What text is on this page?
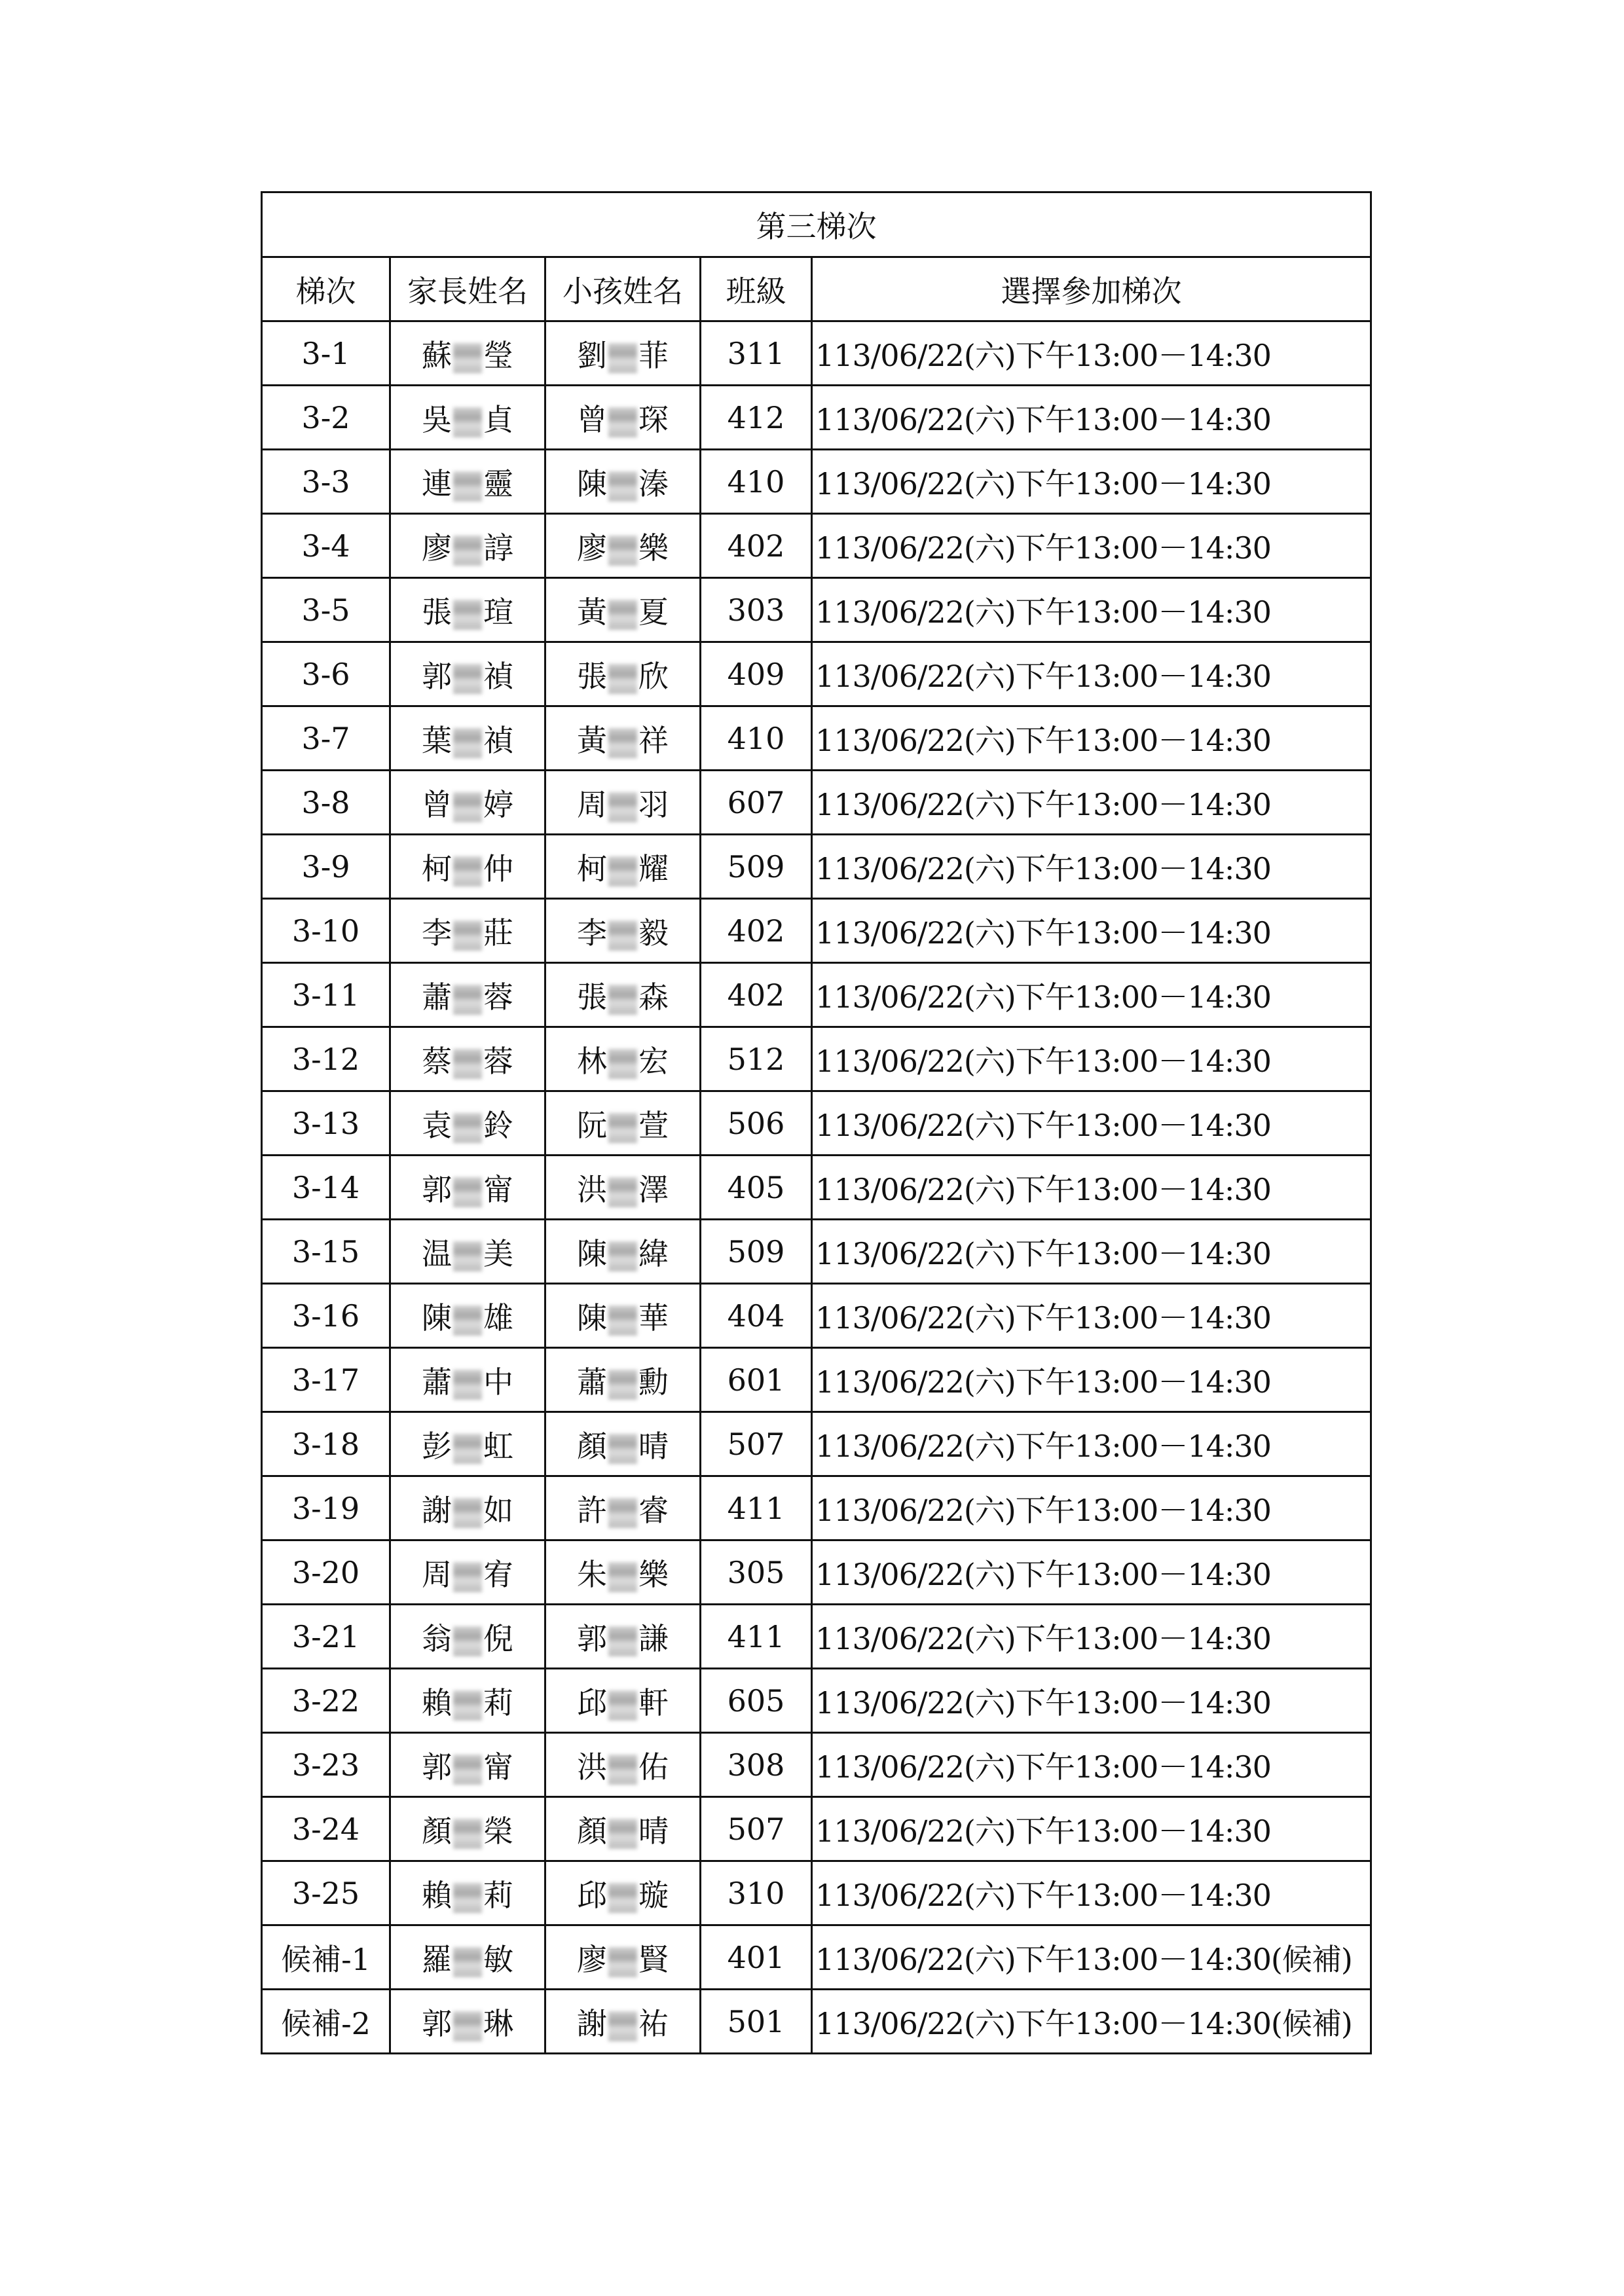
第三梯次				
梯次	家長姓名	小孩姓名	班級	選擇參加梯次
3-1	蘇 瑩	劉 菲	311	113/06/22(六)下午13:00－14:30
3-2	吳 貞	曾 琛	412	113/06/22(六)下午13:00－14:30
3-3	連 靈	陳 溱	410	113/06/22(六)下午13:00－14:30
3-4	廖 諄	廖 樂	402	113/06/22(六)下午13:00－14:30
3-5	張 瑄	黃 夏	303	113/06/22(六)下午13:00－14:30
3-6	郭 禎	張 欣	409	113/06/22(六)下午13:00－14:30
3-7	葉 禎	黃 祥	410	113/06/22(六)下午13:00－14:30
3-8	曾 婷	周 羽	607	113/06/22(六)下午13:00－14:30
3-9	柯 仲	柯 耀	509	113/06/22(六)下午13:00－14:30
3-10	李 莊	李 毅	402	113/06/22(六)下午13:00－14:30
3-11	蕭 蓉	張 森	402	113/06/22(六)下午13:00－14:30
3-12	蔡 蓉	林 宏	512	113/06/22(六)下午13:00－14:30
3-13	袁 鈴	阮 萱	506	113/06/22(六)下午13:00－14:30
3-14	郭 甯	洪 澤	405	113/06/22(六)下午13:00－14:30
3-15	温 美	陳 緯	509	113/06/22(六)下午13:00－14:30
3-16	陳 雄	陳 華	404	113/06/22(六)下午13:00－14:30
3-17	蕭 中	蕭 勳	601	113/06/22(六)下午13:00－14:30
3-18	彭 虹	顏 晴	507	113/06/22(六)下午13:00－14:30
3-19	謝 如	許 睿	411	113/06/22(六)下午13:00－14:30
3-20	周 宥	朱 樂	305	113/06/22(六)下午13:00－14:30
3-21	翁 倪	郭 謙	411	113/06/22(六)下午13:00－14:30
3-22	賴 莉	邱 軒	605	113/06/22(六)下午13:00－14:30
3-23	郭 甯	洪 佑	308	113/06/22(六)下午13:00－14:30
3-24	顏 榮	顏 晴	507	113/06/22(六)下午13:00－14:30
3-25	賴 莉	邱 璇	310	113/06/22(六)下午13:00－14:30
候補-1	羅 敏	廖 賢	401	113/06/22(六)下午13:00－14:30(候補)
候補-2	郭 琳	謝 祐	501	113/06/22(六)下午13:00－14:30(候補)
